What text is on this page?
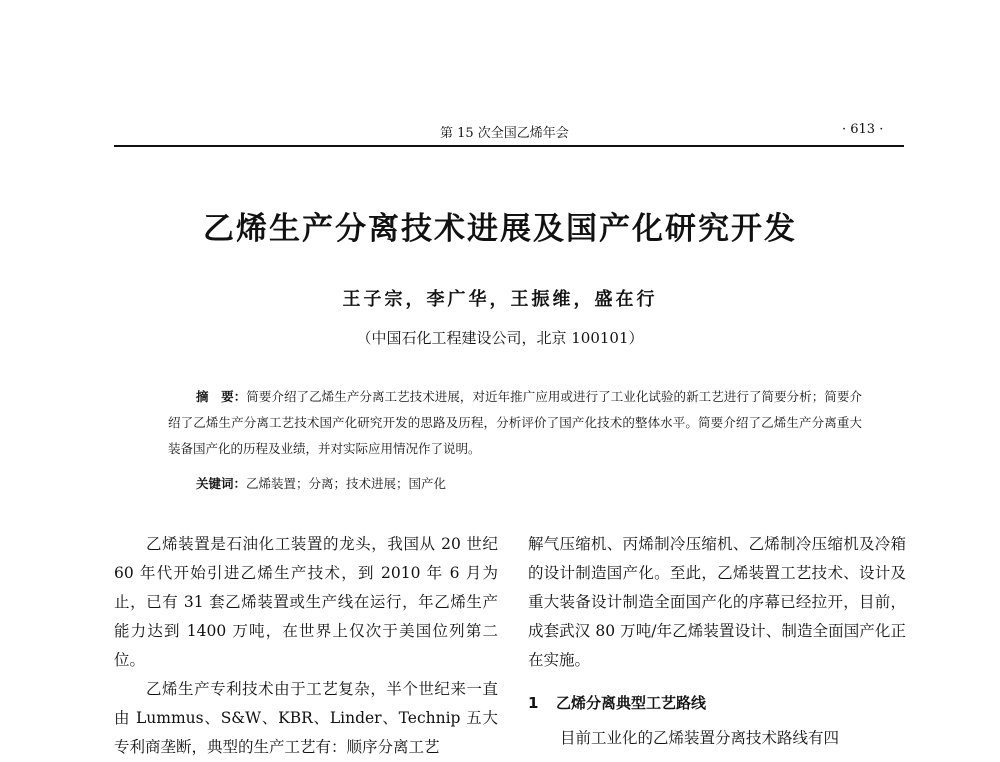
第 15 次全国乙烯年会	· 613 ·
乙烯生产分离技术进展及国产化研究开发
王子宗，李广华，王振维，盛在行
（中国石化工程建设公司，北京 100101）
摘　要：简要介绍了乙烯生产分离工艺技术进展，对近年推广应用或进行了工业化试验的新工艺进行了简要分析；简要介绍了乙烯生产分离工艺技术国产化研究开发的思路及历程，分析评价了国产化技术的整体水平。简要介绍了乙烯生产分离重大装备国产化的历程及业绩，并对实际应用情况作了说明。
关键词：乙烯装置；分离；技术进展；国产化

乙烯装置是石油化工装置的龙头，我国从 20 世纪 60 年代开始引进乙烯生产技术，到 2010 年 6 月为止，已有 31 套乙烯装置或生产线在运行，年乙烯生产能力达到 1400 万吨，在世界上仅次于美国位列第二位。

乙烯生产专利技术由于工艺复杂，半个世纪来一直由 Lummus、S&W、KBR、Linder、Technip 五大专利商垄断，典型的生产工艺有：顺序分离工艺

解气压缩机、丙烯制冷压缩机、乙烯制冷压缩机及冷箱的设计制造国产化。至此，乙烯装置工艺技术、设计及重大装备设计制造全面国产化的序幕已经拉开，目前，成套武汉 80 万吨/年乙烯装置设计、制造全面国产化正在实施。

1 乙烯分离典型工艺路线

目前工业化的乙烯装置分离技术路线有四
